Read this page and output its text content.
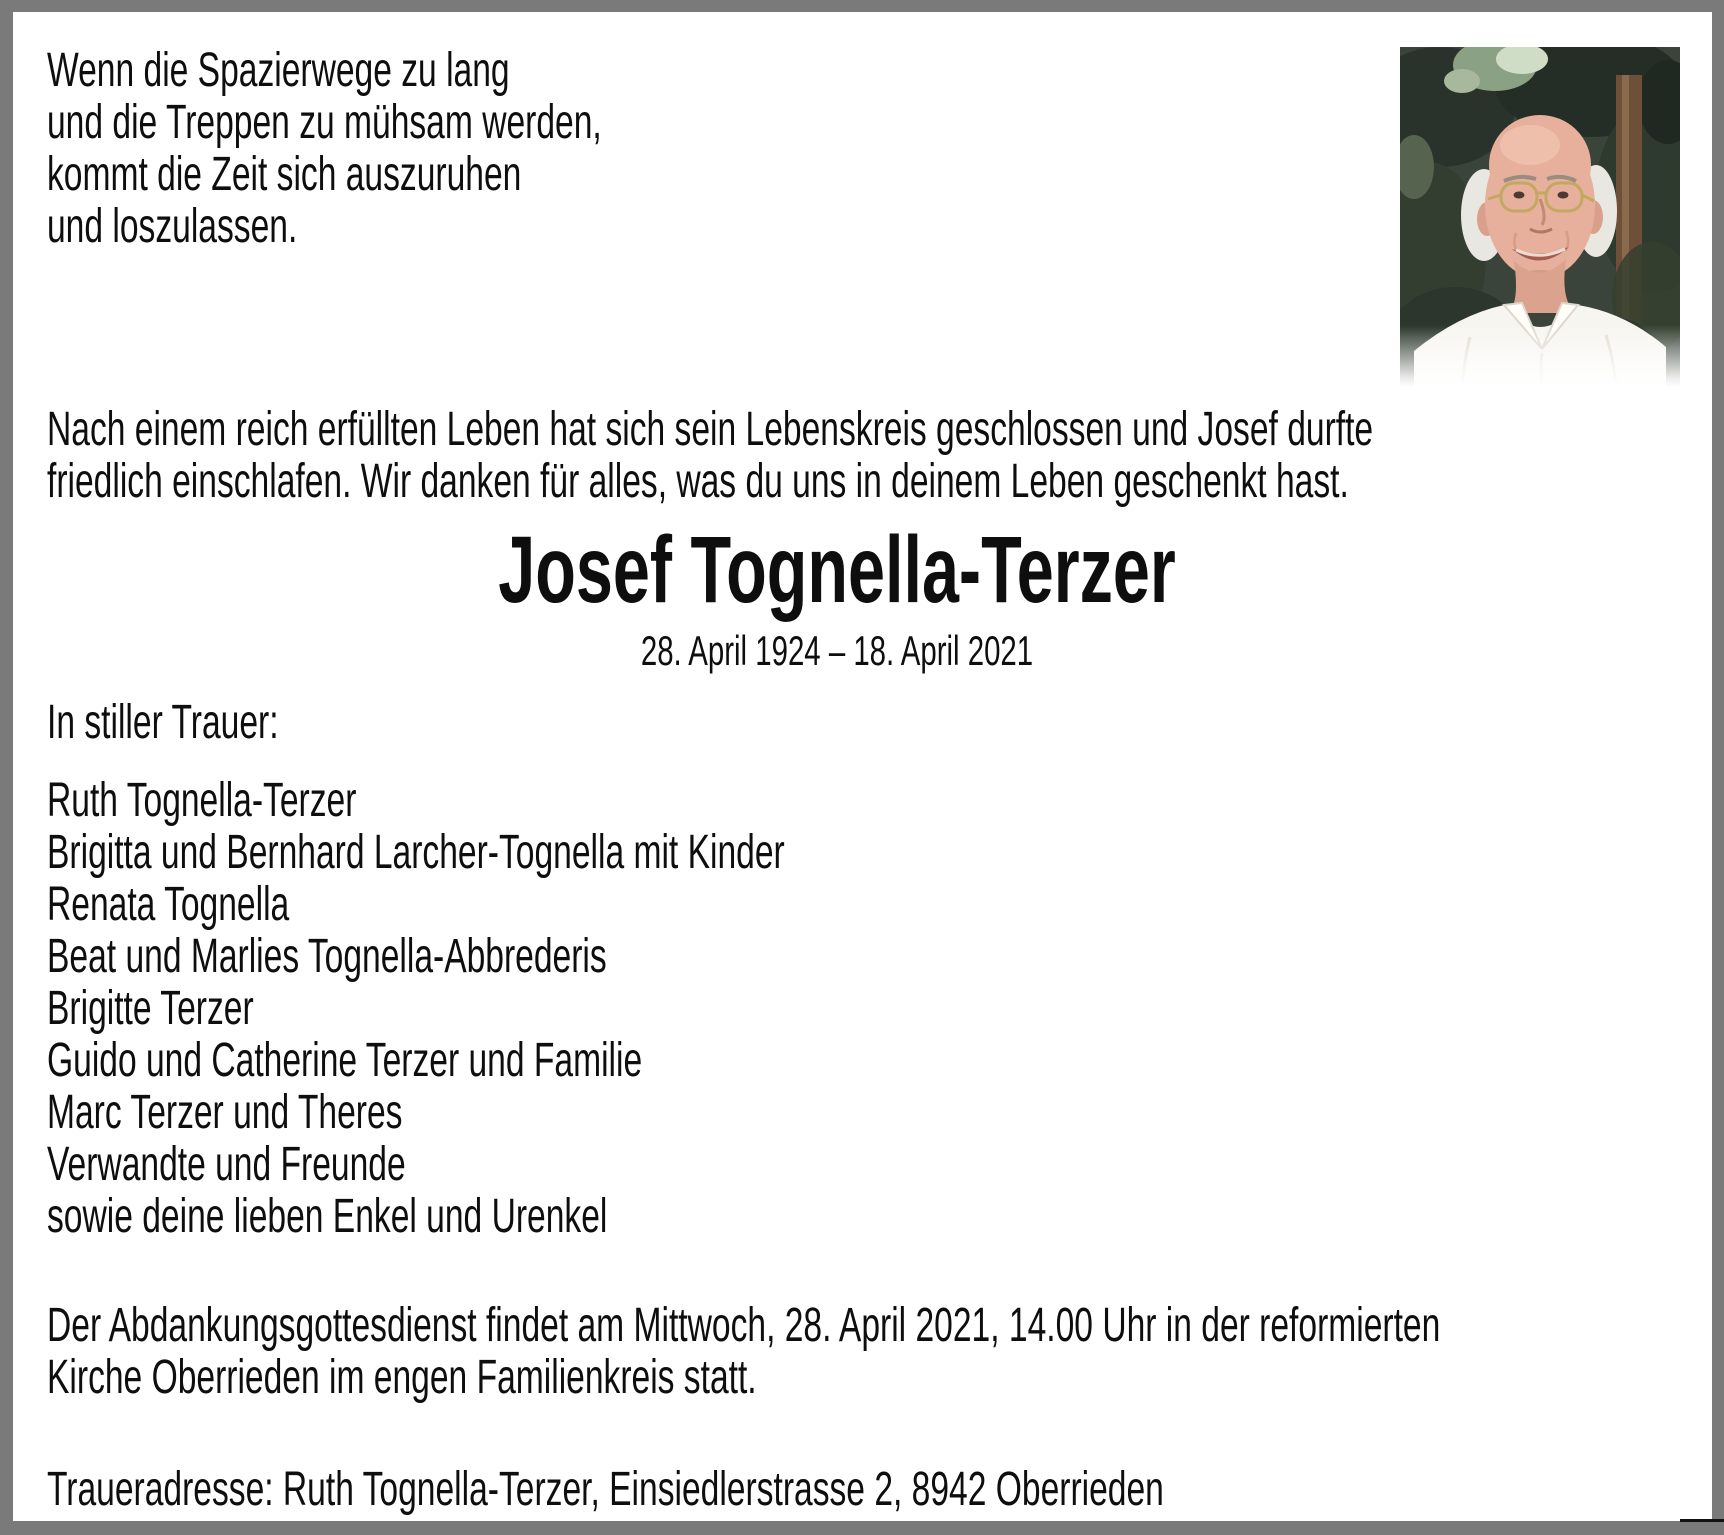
Wenn die Spazierwege zu lang
und die Treppen zu mühsam werden,
kommt die Zeit sich auszuruhen
und loszulassen.
Nach einem reich erfüllten Leben hat sich sein Lebenskreis geschlossen und Josef durfte
friedlich einschlafen. Wir danken für alles, was du uns in deinem Leben geschenkt hast.
Josef Tognella-Terzer
28. April 1924 – 18. April 2021
In stiller Trauer:
Ruth Tognella-Terzer
Brigitta und Bernhard Larcher-Tognella mit Kinder
Renata Tognella
Beat und Marlies Tognella-Abbrederis
Brigitte Terzer
Guido und Catherine Terzer und Familie
Marc Terzer und Theres
Verwandte und Freunde
sowie deine lieben Enkel und Urenkel
Der Abdankungsgottesdienst findet am Mittwoch, 28. April 2021, 14.00 Uhr in der reformierten
Kirche Oberrieden im engen Familienkreis statt.
Traueradresse: Ruth Tognella-Terzer, Einsiedlerstrasse 2, 8942 Oberrieden
